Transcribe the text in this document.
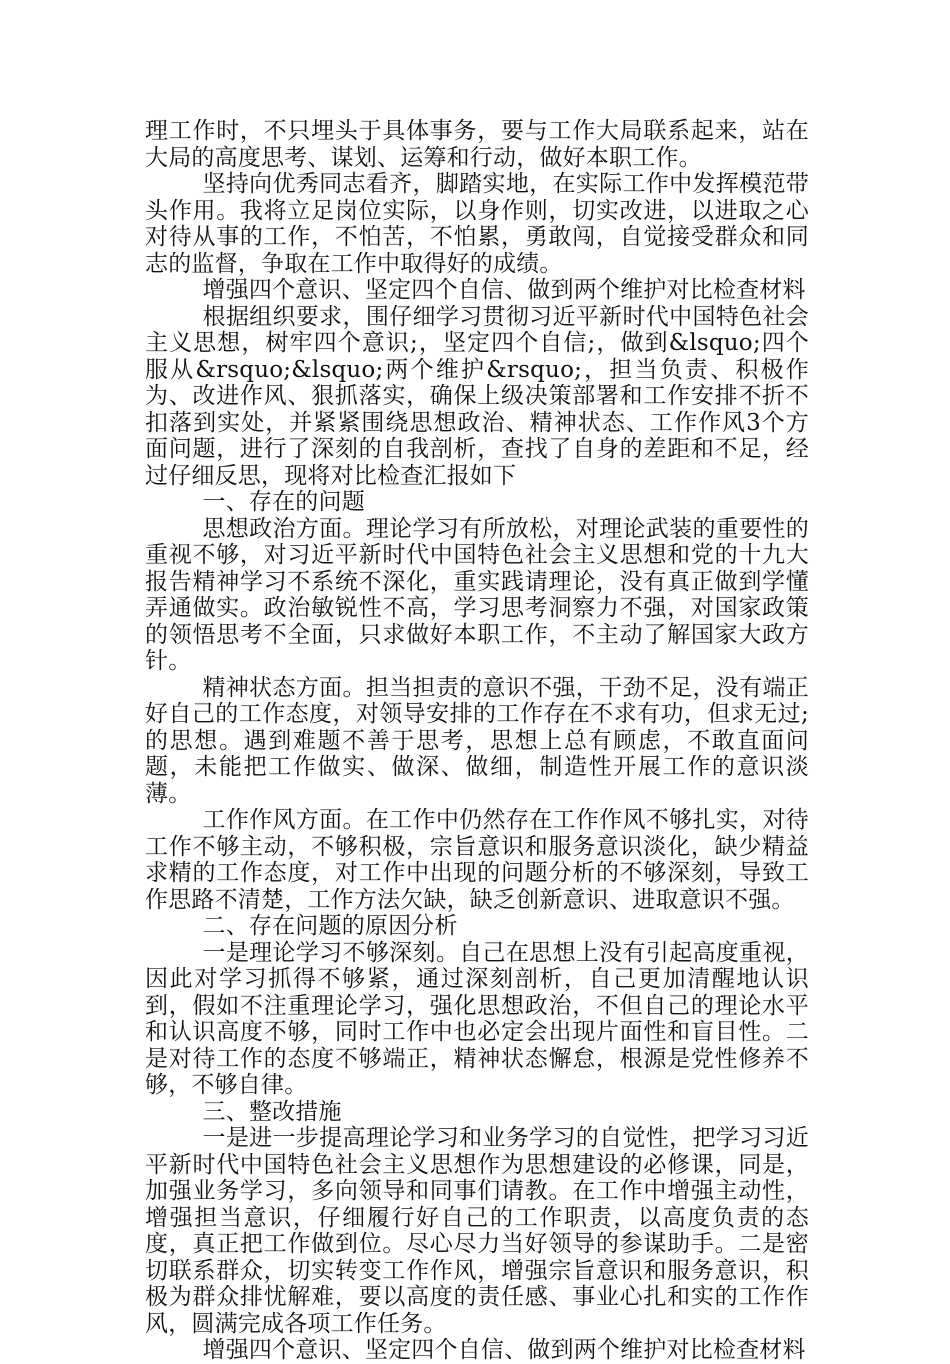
理工作时，不只埋头于具体事务，要与工作大局联系起来，站在大局的高度思考、谋划、运筹和行动，做好本职工作。

坚持向优秀同志看齐，脚踏实地，在实际工作中发挥模范带头作用。我将立足岗位实际，以身作则，切实改进，以进取之心对待从事的工作，不怕苦，不怕累，勇敢闯，自觉接受群众和同志的监督，争取在工作中取得好的成绩。

增强四个意识、坚定四个自信、做到两个维护对比检查材料

根据组织要求，围仔细学习贯彻习近平新时代中国特色社会主义思想，树牢四个意识;，坚定四个自信;，做到&lsquo;四个服从&rsquo;&lsquo;两个维护&rsquo;，担当负责、积极作为、改进作风、狠抓落实，确保上级决策部署和工作安排不折不扣落到实处，并紧紧围绕思想政治、精神状态、工作作风3个方面问题，进行了深刻的自我剖析，查找了自身的差距和不足，经过仔细反思，现将对比检查汇报如下

一、存在的问题

思想政治方面。理论学习有所放松，对理论武装的重要性的重视不够，对习近平新时代中国特色社会主义思想和党的十九大报告精神学习不系统不深化，重实践请理论，没有真正做到学懂弄通做实。政治敏锐性不高，学习思考洞察力不强，对国家政策的领悟思考不全面，只求做好本职工作，不主动了解国家大政方针。

精神状态方面。担当担责的意识不强，干劲不足，没有端正好自己的工作态度，对领导安排的工作存在不求有功，但求无过;的思想。遇到难题不善于思考，思想上总有顾虑，不敢直面问题，未能把工作做实、做深、做细，制造性开展工作的意识淡薄。

工作作风方面。在工作中仍然存在工作作风不够扎实，对待工作不够主动，不够积极，宗旨意识和服务意识淡化，缺少精益求精的工作态度，对工作中出现的问题分析的不够深刻，导致工作思路不清楚，工作方法欠缺，缺乏创新意识、进取意识不强。

二、存在问题的原因分析

一是理论学习不够深刻。自己在思想上没有引起高度重视，因此对学习抓得不够紧，通过深刻剖析，自己更加清醒地认识到，假如不注重理论学习，强化思想政治，不但自己的理论水平和认识高度不够，同时工作中也必定会出现片面性和盲目性。二是对待工作的态度不够端正，精神状态懈怠，根源是党性修养不够，不够自律。

三、整改措施

一是进一步提高理论学习和业务学习的自觉性，把学习习近平新时代中国特色社会主义思想作为思想建设的必修课，同是，加强业务学习，多向领导和同事们请教。在工作中增强主动性，增强担当意识，仔细履行好自己的工作职责，以高度负责的态度，真正把工作做到位。尽心尽力当好领导的参谋助手。二是密切联系群众，切实转变工作作风，增强宗旨意识和服务意识，积极为群众排忧解难，要以高度的责任感、事业心扎和实的工作作风，圆满完成各项工作任务。

增强四个意识、坚定四个自信、做到两个维护对比检查材料
